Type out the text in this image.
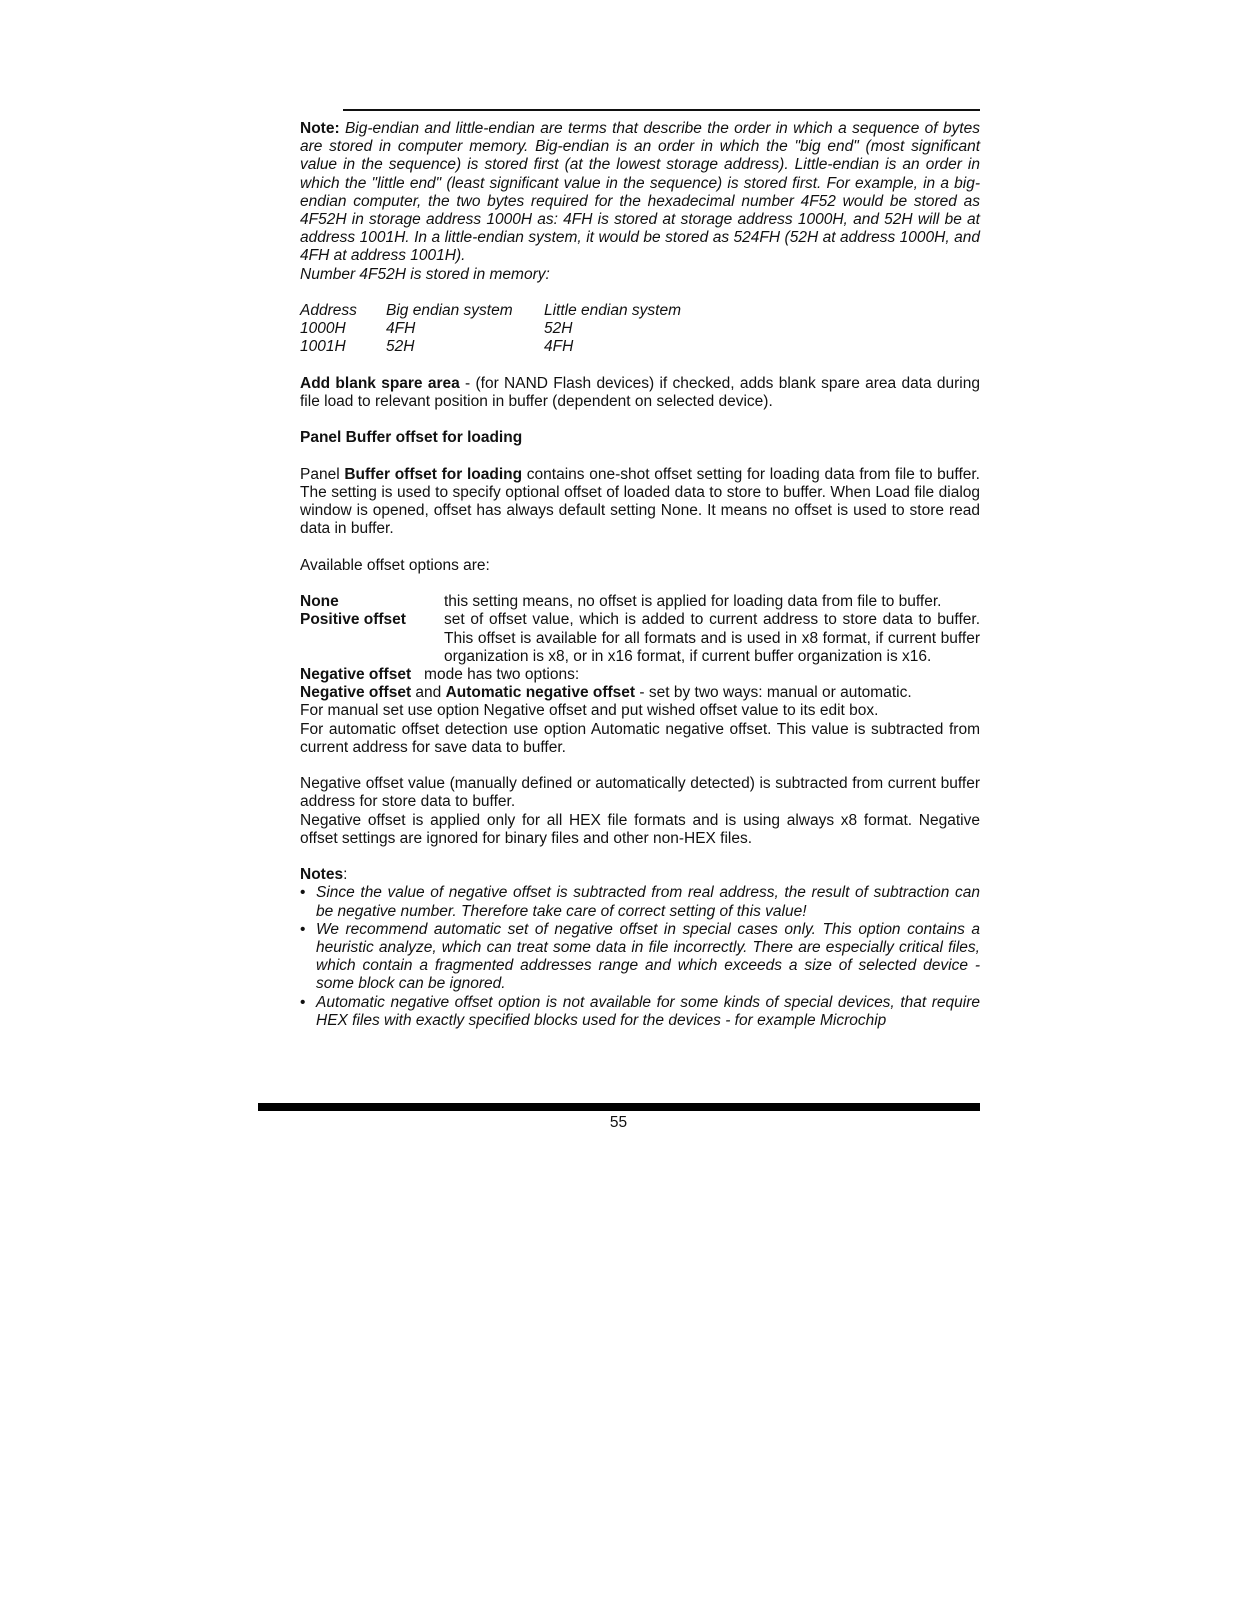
Note: Big-endian and little-endian are terms that describe the order in which a sequence of bytes are stored in computer memory. Big-endian is an order in which the "big end" (most significant value in the sequence) is stored first (at the lowest storage address). Little-endian is an order in which the "little end" (least significant value in the sequence) is stored first. For example, in a big-endian computer, the two bytes required for the hexadecimal number 4F52 would be stored as 4F52H in storage address 1000H as: 4FH is stored at storage address 1000H, and 52H will be at address 1001H. In a little-endian system, it would be stored as 524FH (52H at address 1000H, and 4FH at address 1001H).

Number 4F52H is stored in memory:

Address	Big endian system	Little endian system
1000H	4FH	52H
1001H	52H	4FH

Add blank spare area - (for NAND Flash devices) if checked, adds blank spare area data during file load to relevant position in buffer (dependent on selected device).

Panel Buffer offset for loading

Panel Buffer offset for loading contains one-shot offset setting for loading data from file to buffer. The setting is used to specify optional offset of loaded data to store to buffer. When Load file dialog window is opened, offset has always default setting None. It means no offset is used to store read data in buffer.

Available offset options are:

None	this setting means, no offset is applied for loading data from file to buffer.
Positive offset	set of offset value, which is added to current address to store data to buffer. This offset is available for all formats and is used in x8 format, if current buffer organization is x8, or in x16 format, if current buffer organization is x16.

Negative offset mode has two options:

Negative offset and Automatic negative offset - set by two ways: manual or automatic.

For manual set use option Negative offset and put wished offset value to its edit box.

For automatic offset detection use option Automatic negative offset. This value is subtracted from current address for save data to buffer.

Negative offset value (manually defined or automatically detected) is subtracted from current buffer address for store data to buffer.

Negative offset is applied only for all HEX file formats and is using always x8 format. Negative offset settings are ignored for binary files and other non-HEX files.

Notes:

• Since the value of negative offset is subtracted from real address, the result of subtraction can be negative number. Therefore take care of correct setting of this value!
• We recommend automatic set of negative offset in special cases only. This option contains a heuristic analyze, which can treat some data in file incorrectly. There are especially critical files, which contain a fragmented addresses range and which exceeds a size of selected device - some block can be ignored.
• Automatic negative offset option is not available for some kinds of special devices, that require HEX files with exactly specified blocks used for the devices - for example Microchip
55
